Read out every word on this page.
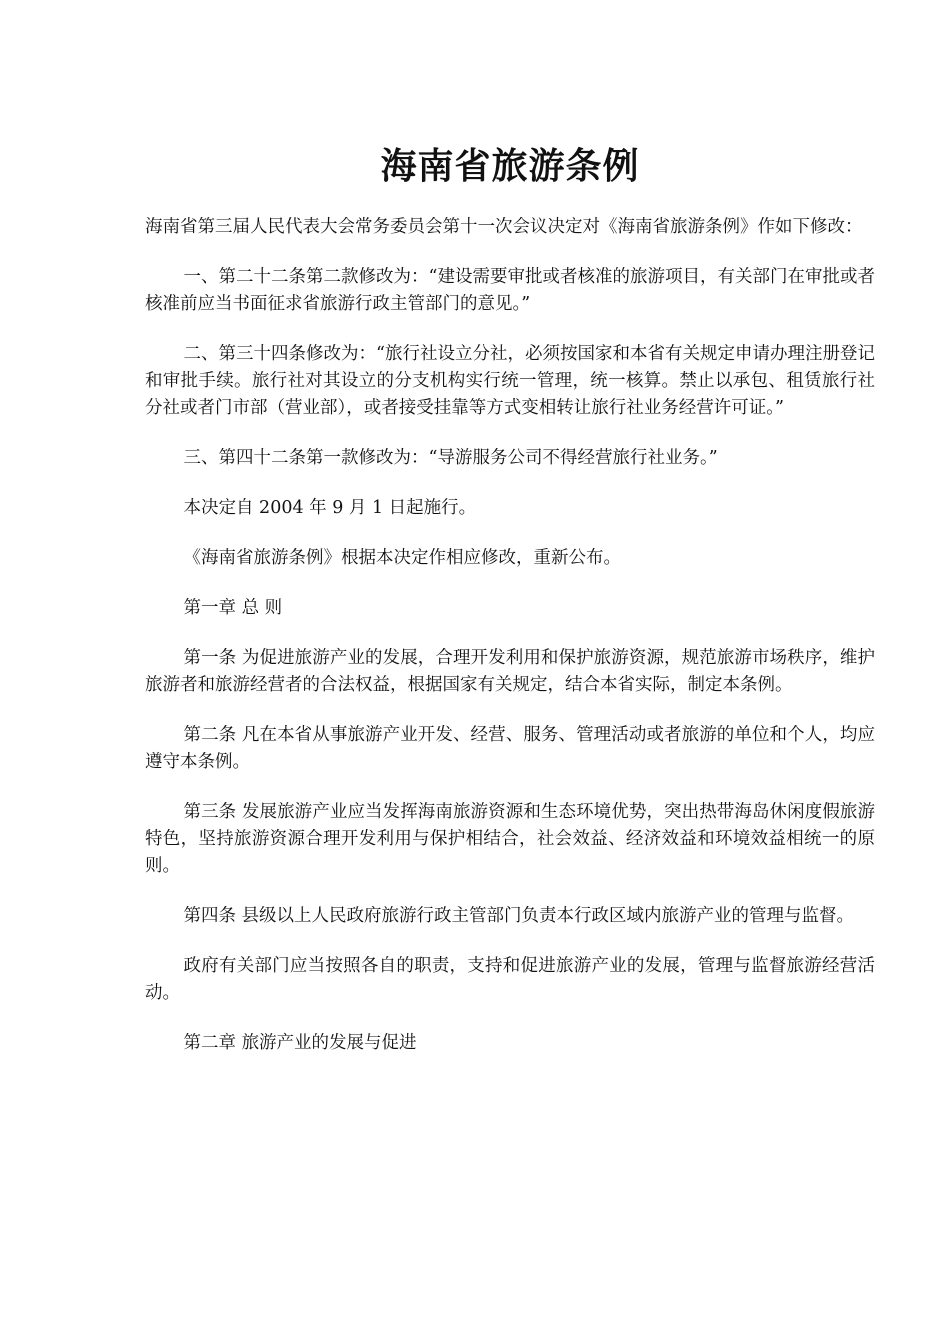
海南省旅游条例

海南省第三届人民代表大会常务委员会第十一次会议决定对《海南省旅游条例》作如下修改：

一、第二十二条第二款修改为：“建设需要审批或者核准的旅游项目，有关部门在审批或者核准前应当书面征求省旅游行政主管部门的意见。”

二、第三十四条修改为：“旅行社设立分社，必须按国家和本省有关规定申请办理注册登记和审批手续。旅行社对其设立的分支机构实行统一管理，统一核算。禁止以承包、租赁旅行社分社或者门市部（营业部），或者接受挂靠等方式变相转让旅行社业务经营许可证。”

三、第四十二条第一款修改为：“导游服务公司不得经营旅行社业务。”

本决定自 2004 年 9 月 1 日起施行。

《海南省旅游条例》根据本决定作相应修改，重新公布。

第一章 总 则

第一条 为促进旅游产业的发展，合理开发利用和保护旅游资源，规范旅游市场秩序，维护旅游者和旅游经营者的合法权益，根据国家有关规定，结合本省实际，制定本条例。

第二条 凡在本省从事旅游产业开发、经营、服务、管理活动或者旅游的单位和个人，均应遵守本条例。

第三条 发展旅游产业应当发挥海南旅游资源和生态环境优势，突出热带海岛休闲度假旅游特色，坚持旅游资源合理开发利用与保护相结合，社会效益、经济效益和环境效益相统一的原则。

第四条 县级以上人民政府旅游行政主管部门负责本行政区域内旅游产业的管理与监督。

政府有关部门应当按照各自的职责，支持和促进旅游产业的发展，管理与监督旅游经营活动。

第二章 旅游产业的发展与促进
